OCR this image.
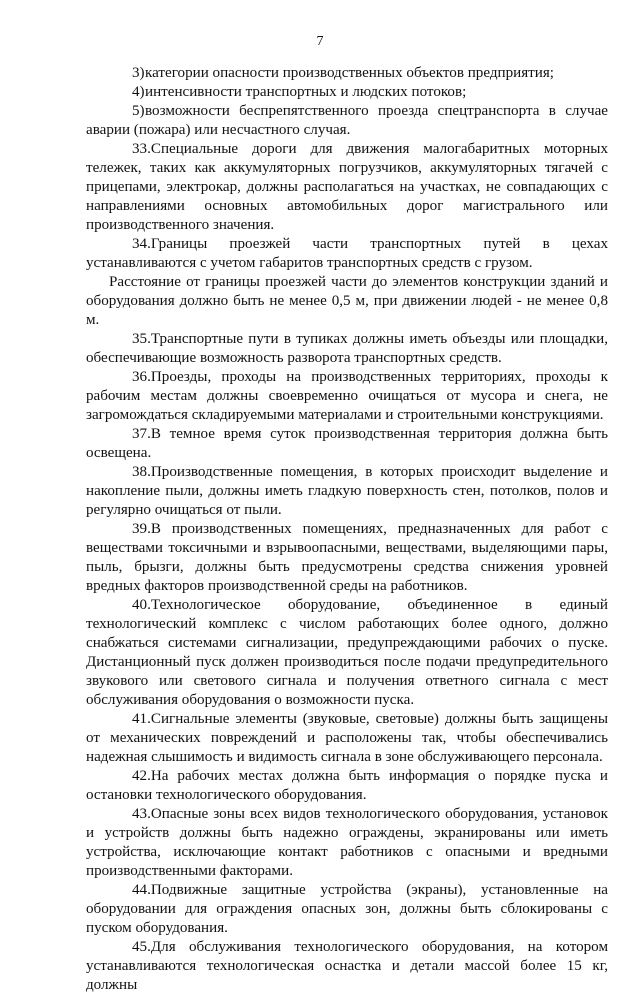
7

3)категории опасности производственных объектов предприятия;

4)интенсивности транспортных и людских потоков;

5)возможности беспрепятственного проезда спецтранспорта в случае аварии (пожара) или несчастного случая.

33.Специальные дороги для движения малогабаритных моторных тележек, таких как аккумуляторных погрузчиков, аккумуляторных тягачей с прицепами, электрокар, должны располагаться на участках, не совпадающих с направлениями основных автомобильных дорог магистрального или производственного значения.

34.Границы проезжей части транспортных путей в цехах устанавливаются с учетом габаритов транспортных средств с грузом.

Расстояние от границы проезжей части до элементов конструкции зданий и оборудования должно быть не менее 0,5 м, при движении людей - не менее 0,8 м.

35.Транспортные пути в тупиках должны иметь объезды или площадки, обеспечивающие возможность разворота транспортных средств.

36.Проезды, проходы на производственных территориях, проходы к рабочим местам должны своевременно очищаться от мусора и снега, не загромождаться складируемыми материалами и строительными конструкциями.

37.В темное время суток производственная территория должна быть освещена.

38.Производственные помещения, в которых происходит выделение и накопление пыли, должны иметь гладкую поверхность стен, потолков, полов и регулярно очищаться от пыли.

39.В производственных помещениях, предназначенных для работ с веществами токсичными и взрывоопасными, веществами, выделяющими пары, пыль, брызги, должны быть предусмотрены средства снижения уровней вредных факторов производственной среды на работников.

40.Технологическое оборудование, объединенное в единый технологический комплекс с числом работающих более одного, должно снабжаться системами сигнализации, предупреждающими рабочих о пуске. Дистанционный пуск должен производиться после подачи предупредительного звукового или светового сигнала и получения ответного сигнала с мест обслуживания оборудования о возможности пуска.

41.Сигнальные элементы (звуковые, световые) должны быть защищены от механических повреждений и расположены так, чтобы обеспечивались надежная слышимость и видимость сигнала в зоне обслуживающего персонала.

42.На рабочих местах должна быть информация о порядке пуска и остановки технологического оборудования.

43.Опасные зоны всех видов технологического оборудования, установок и устройств должны быть надежно ограждены, экранированы или иметь устройства, исключающие контакт работников с опасными и вредными производственными факторами.

44.Подвижные защитные устройства (экраны), установленные на оборудовании для ограждения опасных зон, должны быть сблокированы с пуском оборудования.

45.Для обслуживания технологического оборудования, на котором устанавливаются технологическая оснастка и детали массой более 15 кг, должны
